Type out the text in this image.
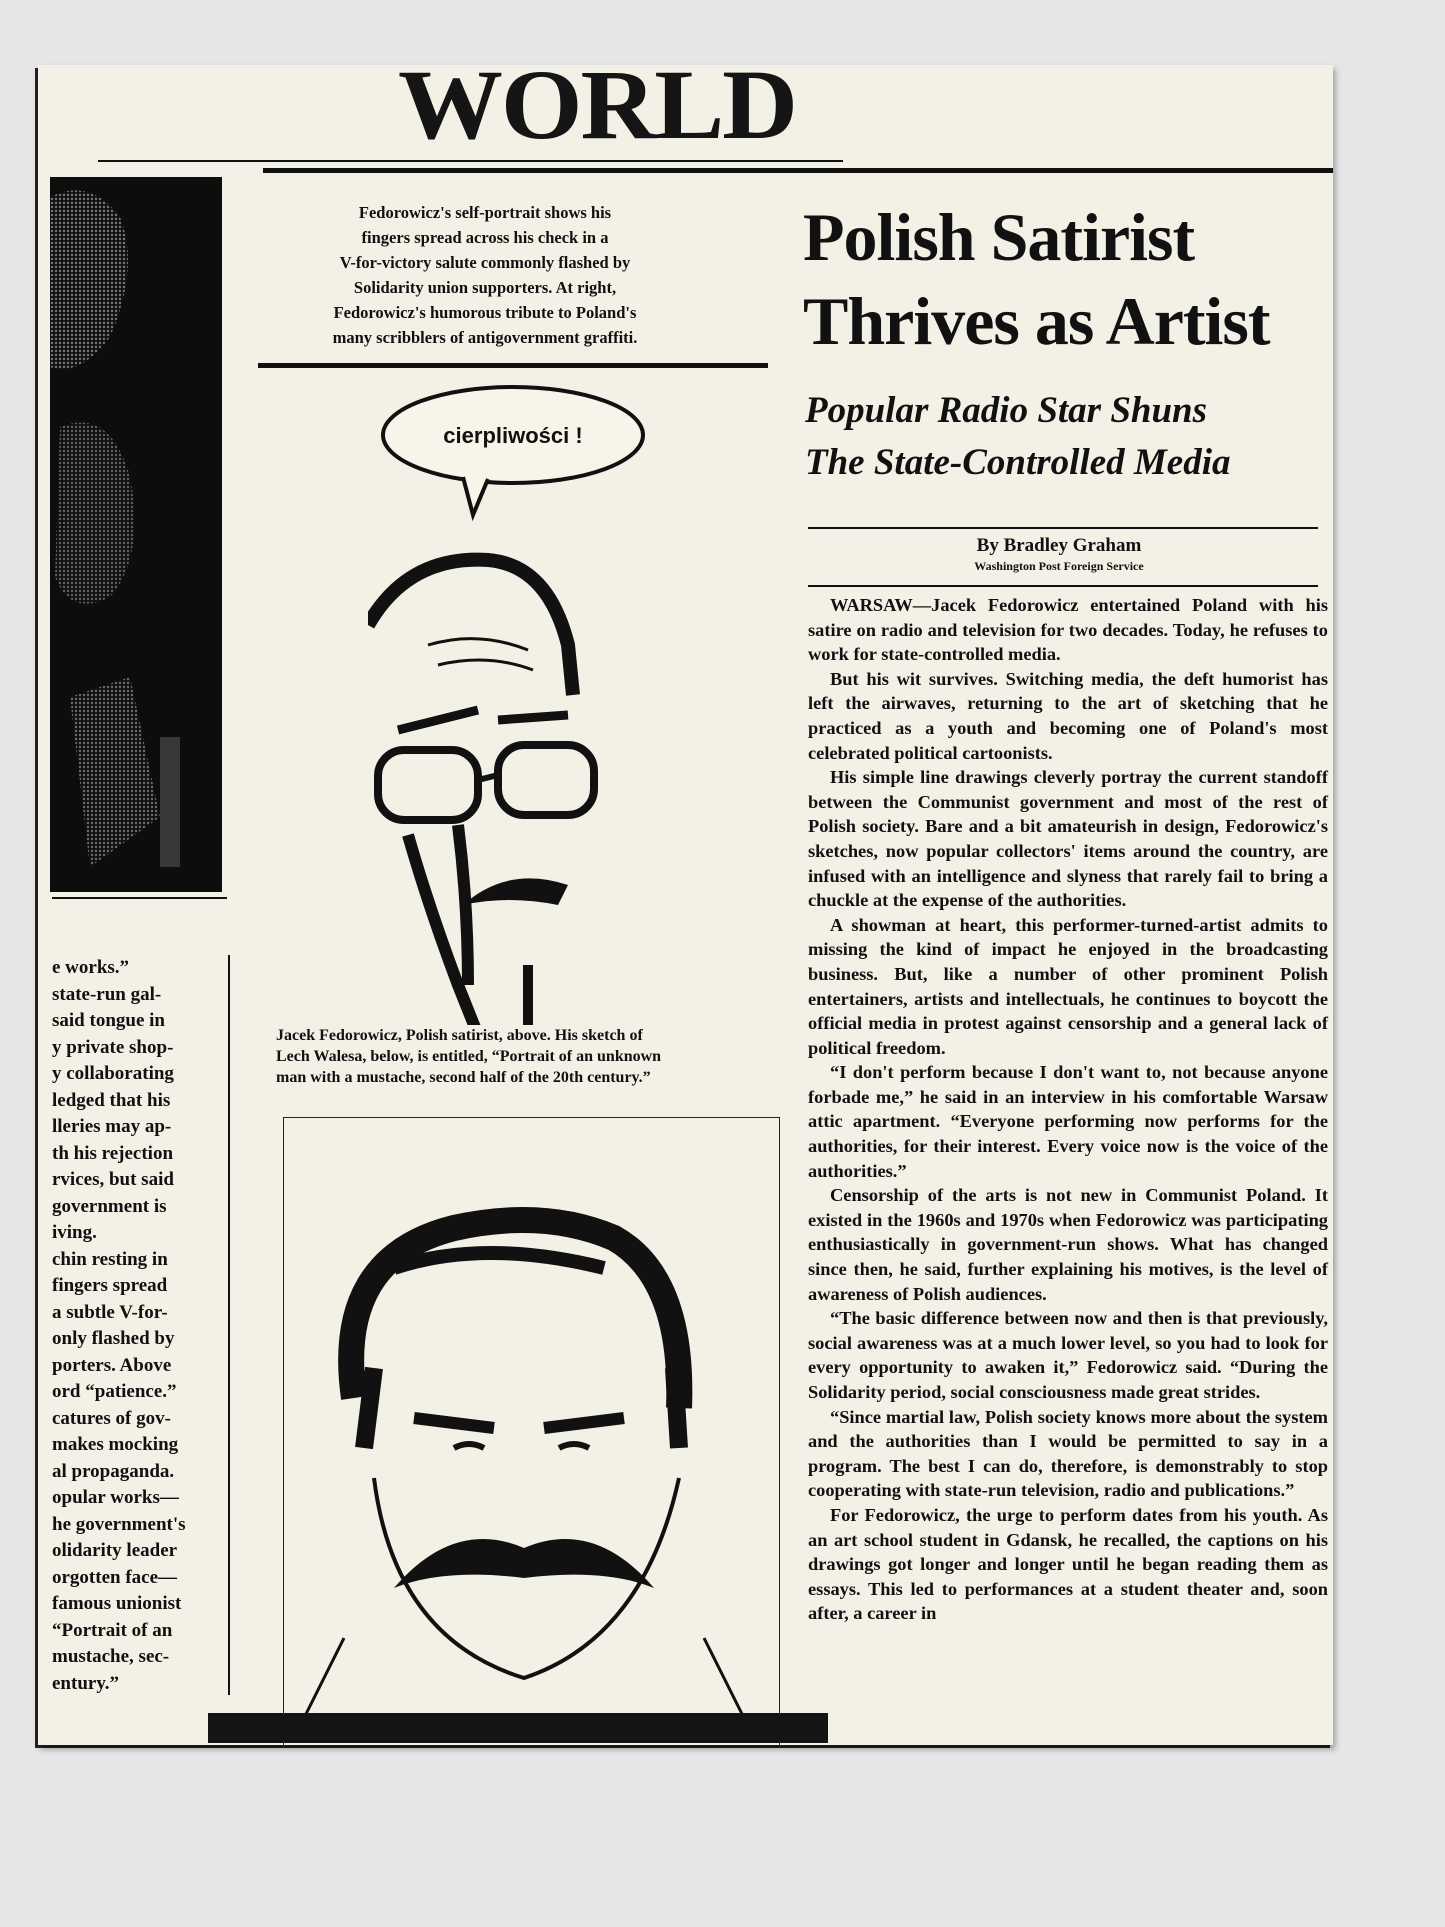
WORLD
e works.”
state-run gal-
said tongue in
y private shop-
y collaborating
ledged that his
lleries may ap-
th his rejection
rvices, but said
government is
iving.
chin resting in
fingers spread
a subtle V-for-
only flashed by
porters. Above
ord “patience.”
catures of gov-
makes mocking
al propaganda.
opular works—
he government's
olidarity leader
orgotten face—
famous unionist
“Portrait of an
mustache, sec-
entury.”
Fedorowicz's self-portrait shows his
fingers spread across his check in a
V-for-victory salute commonly flashed by
Solidarity union supporters. At right,
Fedorowicz's humorous tribute to Poland's
many scribblers of antigovernment graffiti.
cierpliwości !
Jacek Fedorowicz, Polish satirist, above. His sketch of
Lech Walesa, below, is entitled, “Portrait of an unknown
man with a mustache, second half of the 20th century.”
Polish Satirist
Thrives as Artist
Popular Radio Star Shuns
The State-Controlled Media
By Bradley Graham
Washington Post Foreign Service

WARSAW—Jacek Fedorowicz entertained Poland with his satire on radio and television for two decades. Today, he refuses to work for state-controlled media.

But his wit survives. Switching media, the deft humorist has left the airwaves, returning to the art of sketching that he practiced as a youth and becoming one of Poland's most celebrated political cartoonists.

His simple line drawings cleverly portray the current standoff between the Communist government and most of the rest of Polish society. Bare and a bit amateurish in design, Fedorowicz's sketches, now popular collectors' items around the country, are infused with an intelligence and slyness that rarely fail to bring a chuckle at the expense of the authorities.

A showman at heart, this performer-turned-artist admits to missing the kind of impact he enjoyed in the broadcasting business. But, like a number of other prominent Polish entertainers, artists and intellectuals, he continues to boycott the official media in protest against censorship and a general lack of political freedom.

“I don't perform because I don't want to, not because anyone forbade me,” he said in an interview in his comfortable Warsaw attic apartment. “Everyone performing now performs for the authorities, for their interest. Every voice now is the voice of the authorities.”

Censorship of the arts is not new in Communist Poland. It existed in the 1960s and 1970s when Fedorowicz was participating enthusiastically in government-run shows. What has changed since then, he said, further explaining his motives, is the level of awareness of Polish audiences.

“The basic difference between now and then is that previously, social awareness was at a much lower level, so you had to look for every opportunity to awaken it,” Fedorowicz said. “During the Solidarity period, social consciousness made great strides.

“Since martial law, Polish society knows more about the system and the authorities than I would be permitted to say in a program. The best I can do, therefore, is demonstrably to stop cooperating with state-run television, radio and publications.”

For Fedorowicz, the urge to perform dates from his youth. As an art school student in Gdansk, he recalled, the captions on his drawings got longer and longer until he began reading them as essays. This led to performances at a student theater and, soon after, a career in
